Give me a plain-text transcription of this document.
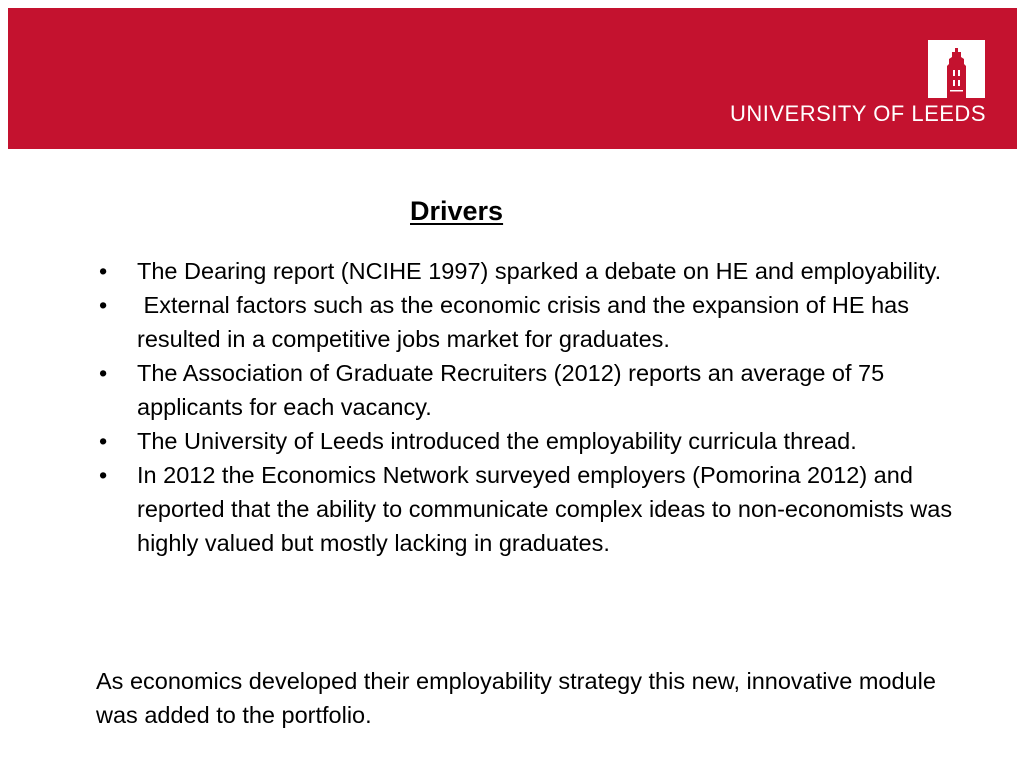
UNIVERSITY OF LEEDS
Drivers
• The Dearing report (NCIHE 1997) sparked a debate on HE and employability.
• External factors such as the economic crisis and the expansion of HE has resulted in a competitive jobs market for graduates.
• The Association of Graduate Recruiters (2012) reports an average of 75 applicants for each vacancy.
• The University of Leeds introduced the employability curricula thread.
• In 2012 the Economics Network surveyed employers (Pomorina 2012) and reported that the ability to communicate complex ideas to non-economists was highly valued but mostly lacking in graduates.

As economics developed their employability strategy this new, innovative module was added to the portfolio.
